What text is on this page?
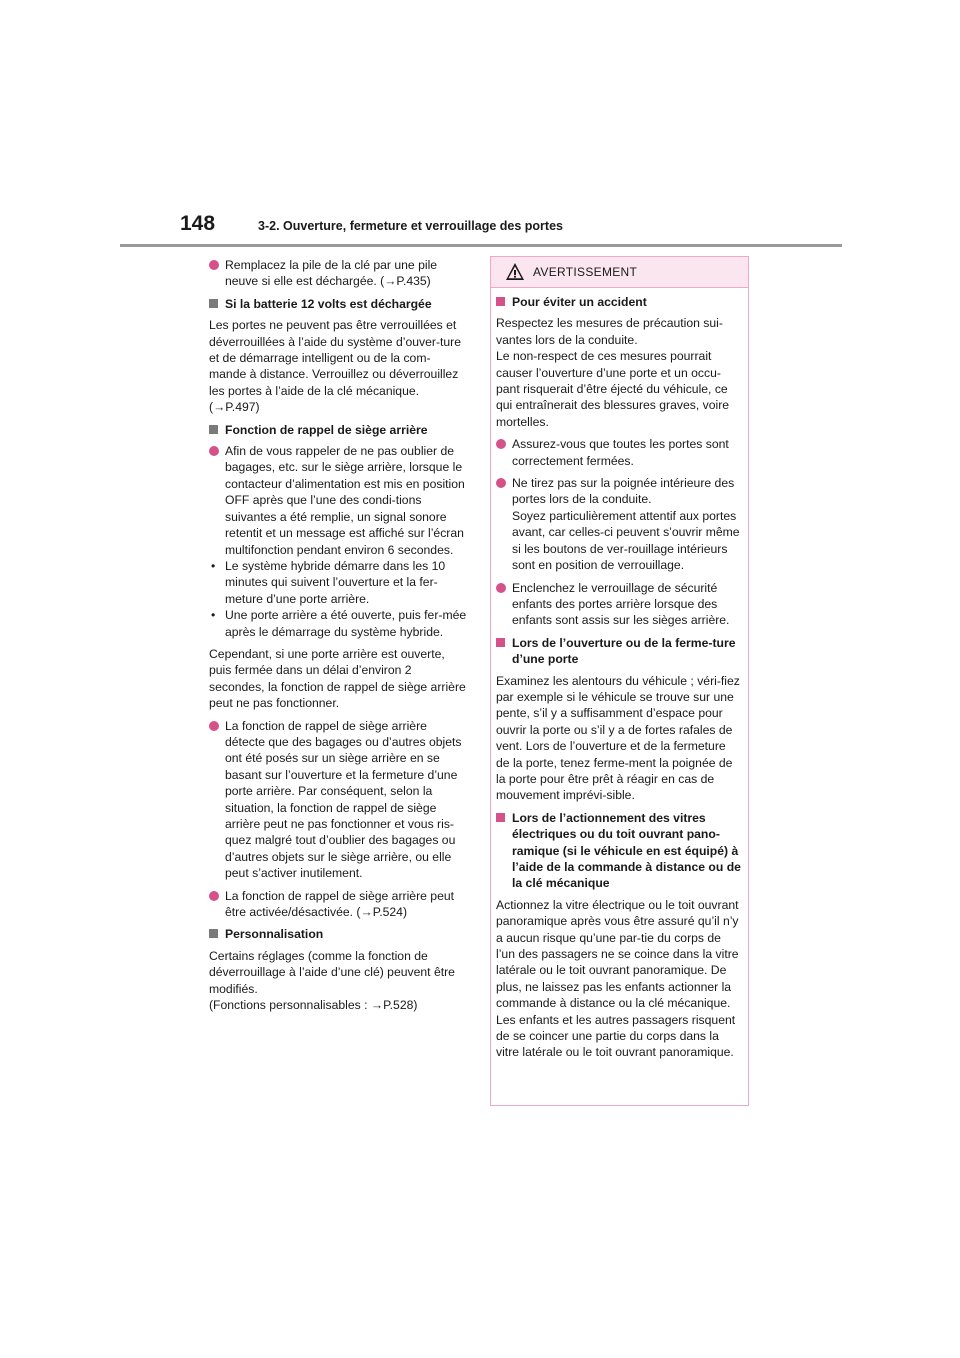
148	3-2. Ouverture, fermeture et verrouillage des portes
Remplacez la pile de la clé par une pile neuve si elle est déchargée. (→P.435)
Si la batterie 12 volts est déchargée

Les portes ne peuvent pas être verrouillées et déverrouillées à l’aide du système d’ouver-ture et de démarrage intelligent ou de la com-mande à distance. Verrouillez ou déverrouillez les portes à l’aide de la clé mécanique. (→P.497)

Fonction de rappel de siège arrière
Afin de vous rappeler de ne pas oublier de bagages, etc. sur le siège arrière, lorsque le contacteur d’alimentation est mis en position OFF après que l’une des condi-tions suivantes a été remplie, un signal sonore retentit et un message est affiché sur l’écran multifonction pendant environ 6 secondes.
• Le système hybride démarre dans les 10 minutes qui suivent l’ouverture et la fer-meture d’une porte arrière.
• Une porte arrière a été ouverte, puis fer-mée après le démarrage du système hybride.

Cependant, si une porte arrière est ouverte, puis fermée dans un délai d’environ 2 secondes, la fonction de rappel de siège arrière peut ne pas fonctionner.

La fonction de rappel de siège arrière détecte que des bagages ou d’autres objets ont été posés sur un siège arrière en se basant sur l’ouverture et la fermeture d’une porte arrière. Par conséquent, selon la situation, la fonction de rappel de siège arrière peut ne pas fonctionner et vous ris-quez malgré tout d’oublier des bagages ou d’autres objets sur le siège arrière, ou elle peut s’activer inutilement.
La fonction de rappel de siège arrière peut être activée/désactivée. (→P.524)
Personnalisation

Certains réglages (comme la fonction de déverrouillage à l’aide d’une clé) peuvent être modifiés.

(Fonctions personnalisables : →P.528)

AVERTISSEMENT
Pour éviter un accident

Respectez les mesures de précaution sui-vantes lors de la conduite.

Le non-respect de ces mesures pourrait causer l’ouverture d’une porte et un occu-pant risquerait d’être éjecté du véhicule, ce qui entraînerait des blessures graves, voire mortelles.

Assurez-vous que toutes les portes sont correctement fermées.
Ne tirez pas sur la poignée intérieure des portes lors de la conduite.

Soyez particulièrement attentif aux portes avant, car celles-ci peuvent s’ouvrir même si les boutons de ver-rouillage intérieurs sont en position de verrouillage.

Enclenchez le verrouillage de sécurité enfants des portes arrière lorsque des enfants sont assis sur les sièges arrière.
Lors de l’ouverture ou de la ferme-ture d’une porte

Examinez les alentours du véhicule ; véri-fiez par exemple si le véhicule se trouve sur une pente, s’il y a suffisamment d’espace pour ouvrir la porte ou s’il y a de fortes rafales de vent. Lors de l’ouverture et de la fermeture de la porte, tenez ferme-ment la poignée de la porte pour être prêt à réagir en cas de mouvement imprévi-sible.

Lors de l’actionnement des vitres électriques ou du toit ouvrant pano-ramique (si le véhicule en est équipé) à l’aide de la commande à distance ou de la clé mécanique

Actionnez la vitre électrique ou le toit ouvrant panoramique après vous être assuré qu’il n’y a aucun risque qu’une par-tie du corps de l’un des passagers ne se coince dans la vitre latérale ou le toit ouvrant panoramique. De plus, ne laissez pas les enfants actionner la commande à distance ou la clé mécanique. Les enfants et les autres passagers risquent de se coincer une partie du corps dans la vitre latérale ou le toit ouvrant panoramique.
